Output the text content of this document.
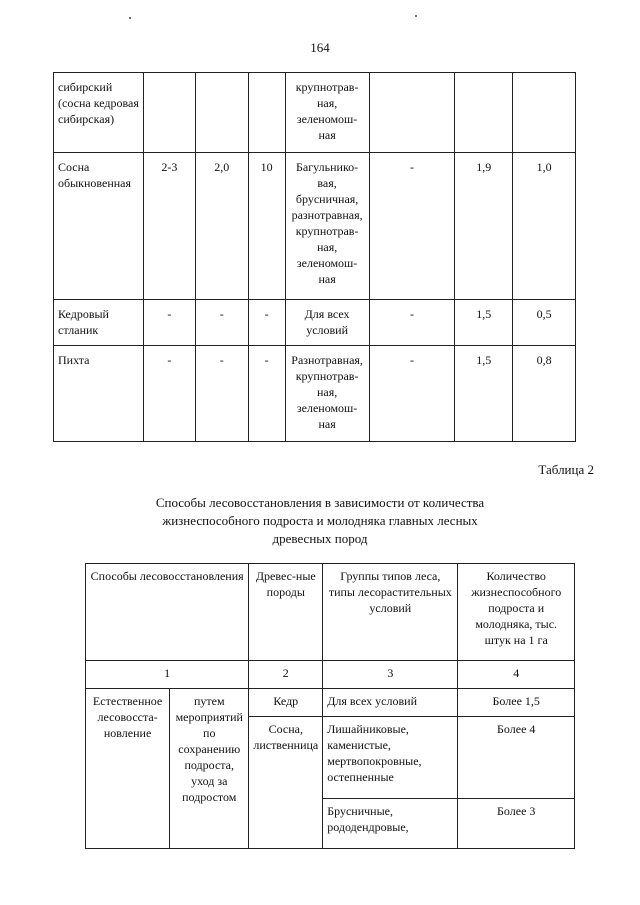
164
сибирский (сосна кедровая сибирская)				крупнотрав-ная, зеленомош-ная			
Сосна обыкновенная	2-3	2,0	10	Багульнико-вая, брусничная, разнотравная, крупнотрав-ная, зеленомош-ная	-	1,9	1,0
Кедровый стланик	-	-	-	Для всех условий	-	1,5	0,5
Пихта	-	-	-	Разнотравная, крупнотрав-ная, зеленомош-ная	-	1,5	0,8
Таблица 2
Способы лесовосстановления в зависимости от количества
жизнеспособного подроста и молодняка главных лесных
древесных пород
Способы лесовосстановления		Древес-ные породы	Группы типов леса, типы лесорастительных условий	Количество жизнеспособного подроста и молодняка, тыс. штук на 1 га
1		2	3	4
Естественное лесовосста-новление	путем мероприятий по сохранению подроста, уход за подростом	Кедр	Для всех условий	Более 1,5
		Сосна, лиственница	Лишайниковые, каменистые, мертвопокровные, остепненные	Более 4
			Брусничные, рододендровые,	Более 3
